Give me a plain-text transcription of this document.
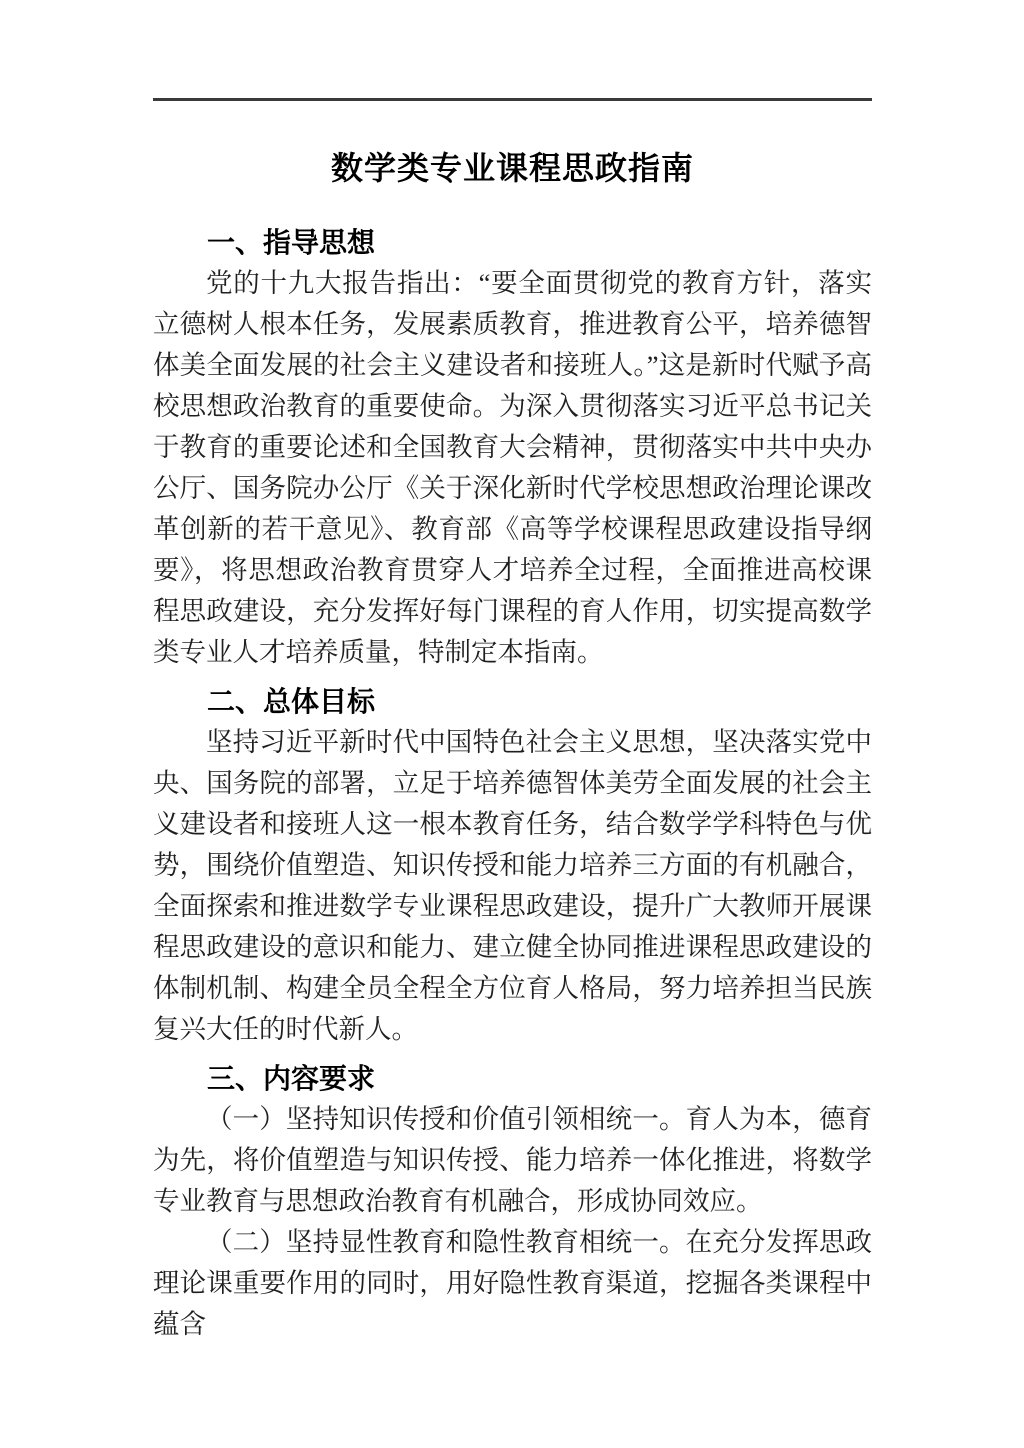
数学类专业课程思政指南
一、指导思想

党的十九大报告指出：“要全面贯彻党的教育方针，落实立德树人根本任务，发展素质教育，推进教育公平，培养德智体美全面发展的社会主义建设者和接班人。”这是新时代赋予高校思想政治教育的重要使命。为深入贯彻落实习近平总书记关于教育的重要论述和全国教育大会精神，贯彻落实中共中央办公厅、国务院办公厅《关于深化新时代学校思想政治理论课改革创新的若干意见》、教育部《高等学校课程思政建设指导纲要》，将思想政治教育贯穿人才培养全过程，全面推进高校课程思政建设，充分发挥好每门课程的育人作用，切实提高数学类专业人才培养质量，特制定本指南。

二、总体目标

坚持习近平新时代中国特色社会主义思想，坚决落实党中央、国务院的部署，立足于培养德智体美劳全面发展的社会主义建设者和接班人这一根本教育任务，结合数学学科特色与优势，围绕价值塑造、知识传授和能力培养三方面的有机融合，全面探索和推进数学专业课程思政建设，提升广大教师开展课程思政建设的意识和能力、建立健全协同推进课程思政建设的体制机制、构建全员全程全方位育人格局，努力培养担当民族复兴大任的时代新人。

三、内容要求

（一）坚持知识传授和价值引领相统一。育人为本，德育为先，将价值塑造与知识传授、能力培养一体化推进，将数学专业教育与思想政治教育有机融合，形成协同效应。

（二）坚持显性教育和隐性教育相统一。在充分发挥思政理论课重要作用的同时，用好隐性教育渠道，挖掘各类课程中蕴含
